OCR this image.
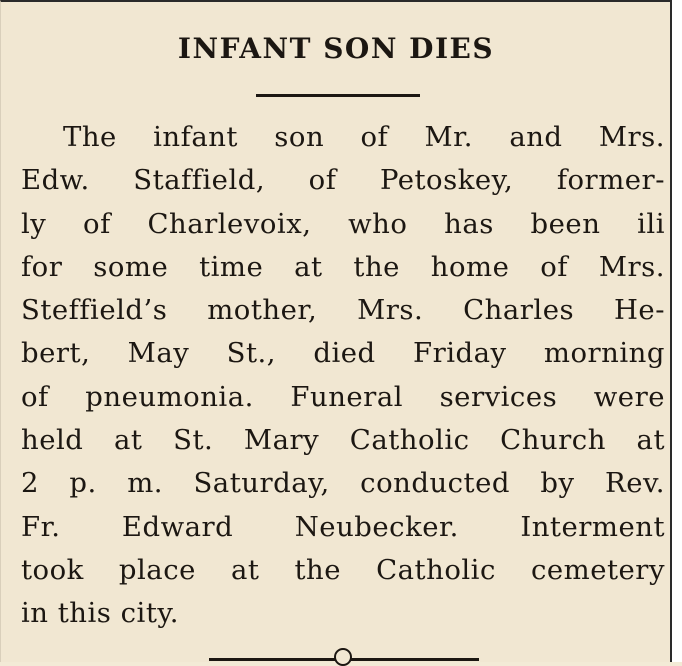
INFANT SON DIES
The infant son of Mr. and Mrs.
Edw. Staffield, of Petoskey, former-
ly of Charlevoix, who has been ili
for some time at the home of Mrs.
Steffield’s mother, Mrs. Charles He-
bert, May St., died Friday morning
of pneumonia. Funeral services were
held at St. Mary Catholic Church at
2 p. m. Saturday, conducted by Rev.
Fr. Edward Neubecker. Interment
took place at the Catholic cemetery
in this city.
